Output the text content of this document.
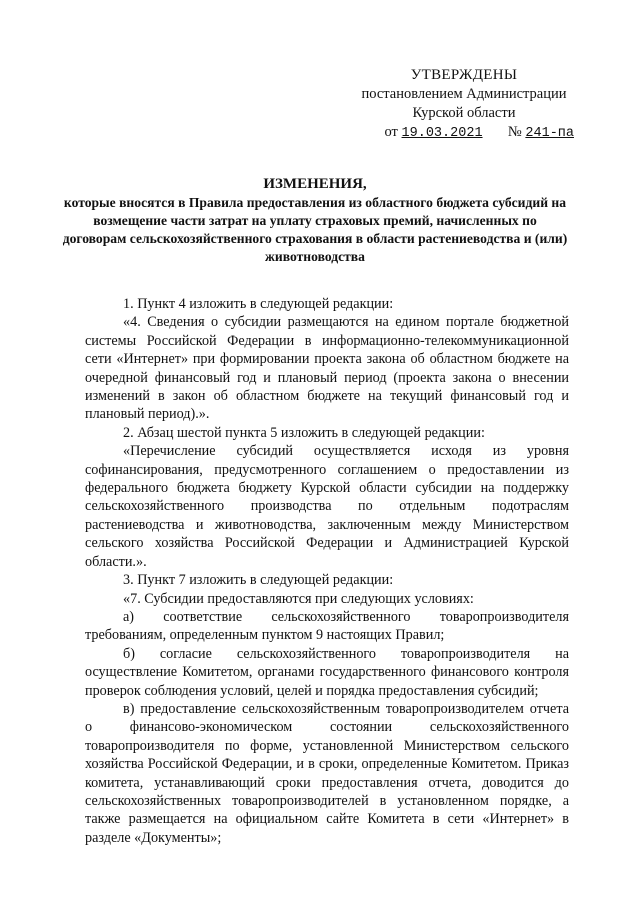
УТВЕРЖДЕНЫ
постановлением Администрации
Курской области
от 19.03.2021 № 241-па
ИЗМЕНЕНИЯ,
которые вносятся в Правила предоставления из областного бюджета субсидий на возмещение части затрат на уплату страховых премий, начисленных по договорам сельскохозяйственного страхования в области растениеводства и (или) животноводства

1. Пункт 4 изложить в следующей редакции:

«4. Сведения о субсидии размещаются на едином портале бюджетной системы Российской Федерации в информационно-телекоммуникационной сети «Интернет» при формировании проекта закона об областном бюджете на очередной финансовый год и плановый период (проекта закона о внесении изменений в закон об областном бюджете на текущий финансовый год и плановый период).».

2. Абзац шестой пункта 5 изложить в следующей редакции:

«Перечисление субсидий осуществляется исходя из уровня софинансирования, предусмотренного соглашением о предоставлении из федерального бюджета бюджету Курской области субсидии на поддержку сельскохозяйственного производства по отдельным подотраслям растениеводства и животноводства, заключенным между Министерством сельского хозяйства Российской Федерации и Администрацией Курской области.».

3. Пункт 7 изложить в следующей редакции:

«7. Субсидии предоставляются при следующих условиях:

а) соответствие сельскохозяйственного товаропроизводителя требованиям, определенным пунктом 9 настоящих Правил;

б) согласие сельскохозяйственного товаропроизводителя на осуществление Комитетом, органами государственного финансового контроля проверок соблюдения условий, целей и порядка предоставления субсидий;

в) предоставление сельскохозяйственным товаропроизводителем отчета о финансово-экономическом состоянии сельскохозяйственного товаропроизводителя по форме, установленной Министерством сельского хозяйства Российской Федерации, и в сроки, определенные Комитетом. Приказ комитета, устанавливающий сроки предоставления отчета, доводится до сельскохозяйственных товаропроизводителей в установленном порядке, а также размещается на официальном сайте Комитета в сети «Интернет» в разделе «Документы»;
